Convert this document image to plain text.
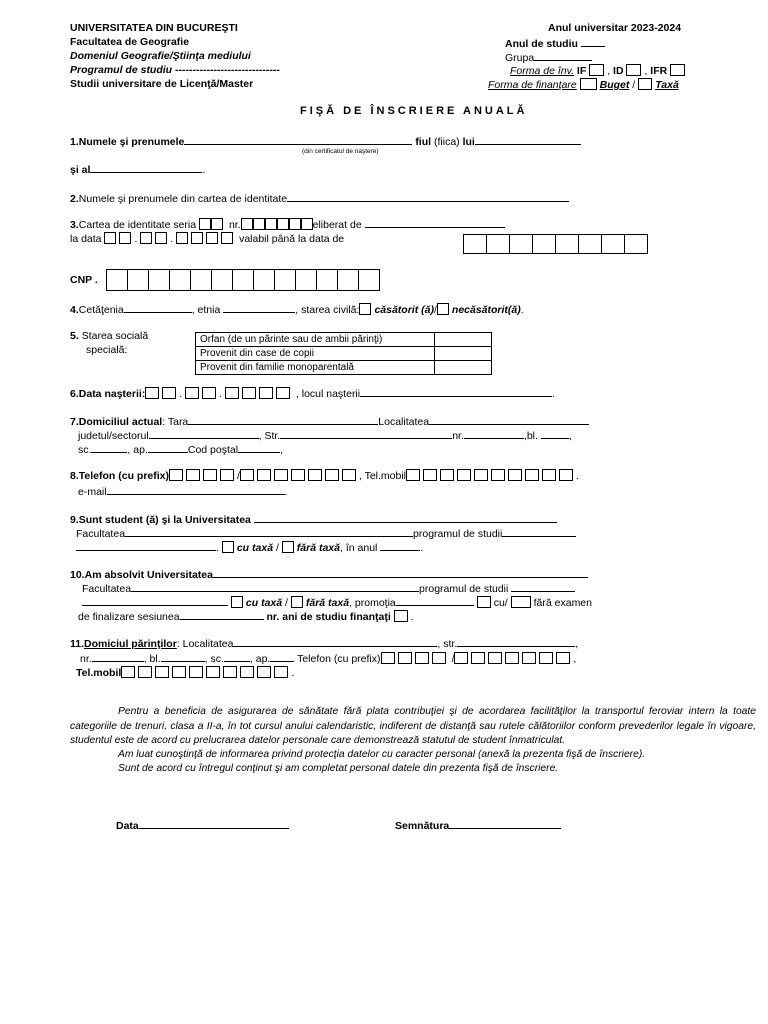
UNIVERSITATEA DIN BUCUREŞTI
Facultatea de Geografie
Domeniul Geografie/Ştiinţa mediului
Programul de studiu ------------------------------
Studii universitare de Licenţă/Master
Anul universitar 2023-2024
Anul de studiu
Grupa
Forma de înv. IF , ID , IFR
Forma de finanţare Buget / Taxă
FIŞĂ DE ÎNSCRIERE ANUALĂ
1.Numele şi prenumele	fiul (fiica) lui
(din certificatul de naştere)
şi al	.
2.Numele şi prenumele din cartea de identitate
3.Cartea de identitate seria	nr.	eliberat de
la data	.	.	valabil până la data de
CNP .
4.Cetăţenia	, etnia	, starea civilă: căsătorit (ă)/ necăsătorit(ă).
5. Starea socială
specială:
Orfan (de un părinte sau de ambii părinţi)	
Provenit din case de copii	
Provenit din familie monoparentală	
6.Data naşterii:	.	.	, locul naşterii	.
7.Domiciliul actual: Tara	Localitatea
judetul/sectorul	, Str.	nr.	,bl.	,
sc.	, ap.	Cod poştal	,
8.Telefon (cu prefix)	/	, Tel.mobil	.
e-mail	.
9.Sunt student (ă) şi la Universitatea
Facultatea	programul de studii
. cu taxă / fără taxă, în anul	.
10.Am absolvit Universitatea
Facultatea	programul de studii
cu taxă / fără taxă, promoţia	cu/ fără examen
de finalizare sesiunea	nr. ani de studiu finanţaţi .
11.Domiciul părinţilor: Localitatea	, str.	,
nr.	, bl.	, sc. , ap.	Telefon (cu prefix)	/	,
Tel.mobil	.
Pentru a beneficia de asigurarea de sănătate fără plata contribuţiei şi de acordarea facilităţilor la transportul feroviar intern la toate categoriile de trenuri, clasa a II-a, în tot cursul anului calendaristic, indiferent de distanţă sau rutele călătoriilor conform prevederilor legale în vigoare, studentul este de acord cu prelucrarea datelor personale care demonstrează statutul de student înmatriculat.
Am luat cunoştinţă de informarea privind protecţia datelor cu caracter personal (anexă la prezenta fişă de înscriere).
Sunt de acord cu întregul conţinut şi am completat personal datele din prezenta fişă de înscriere.
Data	Semnătura
